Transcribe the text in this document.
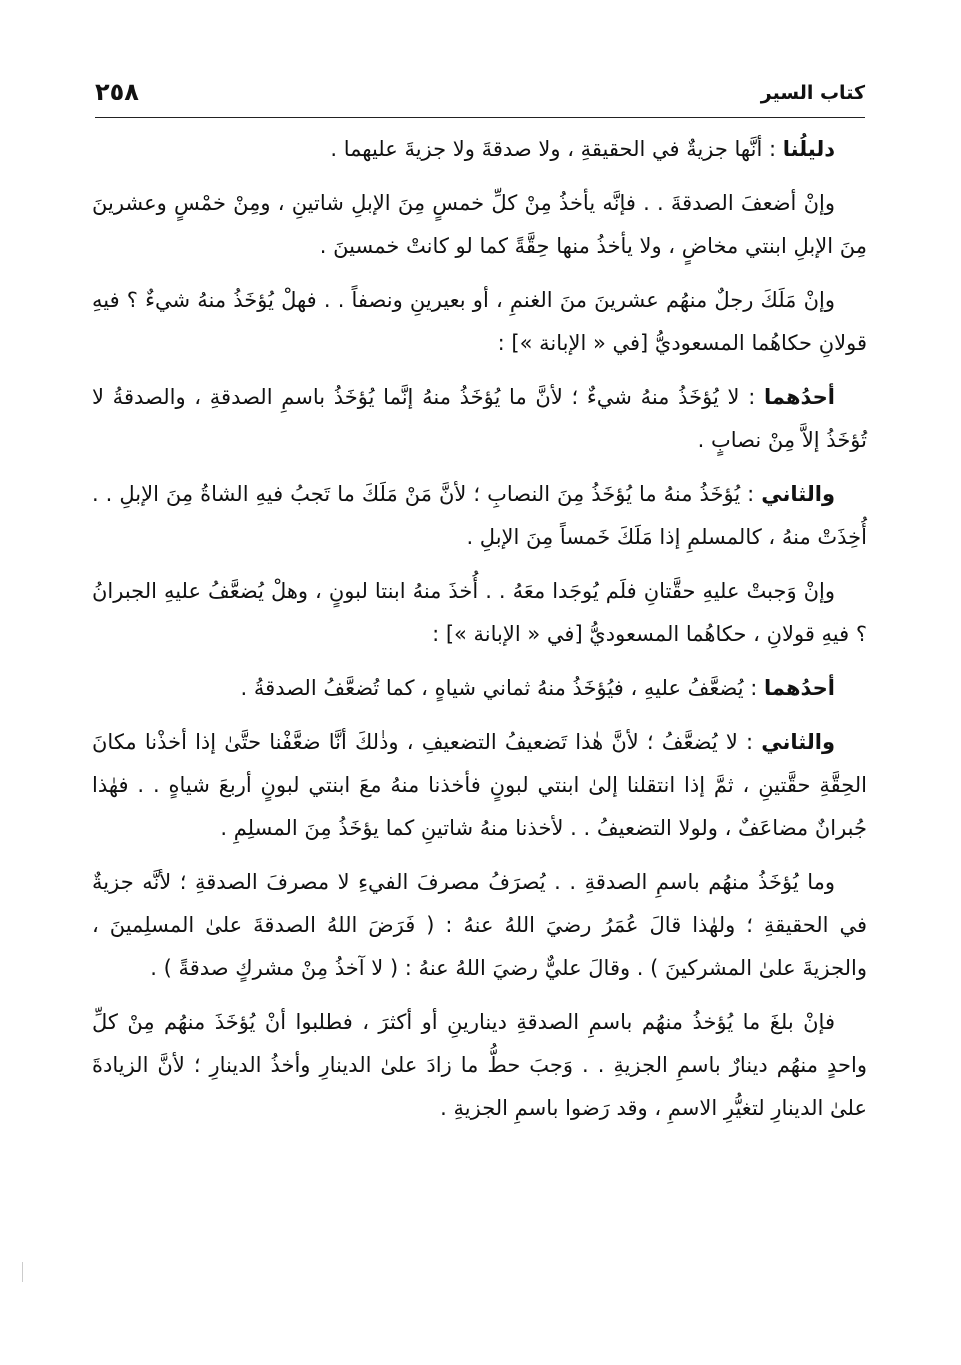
٢٥٨	كتاب السير

دليلُنا : أنَّها جزيةٌ في الحقيقةِ ، ولا صدقةَ ولا جزيةَ عليهما .

وإنْ أضعفَ الصدقةَ . . فإنَّه يأخذُ مِنْ كلِّ خمسٍ مِنَ الإبلِ شاتينِ ، ومِنْ خمْسٍ وعشرينَ مِنَ الإبلِ ابنتي مخاضٍ ، ولا يأخذُ منها حِقَّةً كما لو كانتْ خمسينَ .

وإنْ مَلَكَ رجلٌ منهُم عشرينَ منَ الغنمِ ، أو بعيرينِ ونصفاً . . فهلْ يُؤخَذُ منهُ شيءٌ ؟ فيهِ قولانِ حكاهُما المسعوديُّ [في « الإبانة »] :

أحدُهما : لا يُؤخَذُ منهُ شيءٌ ؛ لأنَّ ما يُؤخَذُ منهُ إنَّما يُؤخَذُ باسمِ الصدقةِ ، والصدقةُ لا تُؤخَذُ إلاَّ مِنْ نصابٍ .

والثاني : يُؤخَذُ منهُ ما يُؤخَذُ مِنَ النصابِ ؛ لأنَّ مَنْ مَلَكَ ما تَجبُ فيهِ الشاةُ مِنَ الإبلِ . . أُخِذَتْ منهُ ، كالمسلمِ إذا مَلَكَ خَمساً مِنَ الإبلِ .

وإنْ وَجبتْ عليهِ حقَّتانِ فلَم يُوجَدا معَهُ . . أُخذَ منهُ ابنتا لبونٍ ، وهلْ يُضعَّفُ عليهِ الجبرانُ ؟ فيهِ قولانِ ، حكاهُما المسعوديُّ [في « الإبانة »] :

أحدُهما : يُضعَّفُ عليهِ ، فيُؤخَذُ منهُ ثماني شياهٍ ، كما تُضعَّفُ الصدقةُ .

والثاني : لا يُضعَّفُ ؛ لأنَّ هٰذا تَضعيفُ التضعيفِ ، وذٰلكَ أنَّا ضعَّفْنا حتَّىٰ إذا أخذْنا مكانَ الحِقَّةِ حقَّتينِ ، ثمَّ إذا انتقلنا إلىٰ ابنتي لبونٍ فأخذنا منهُ معَ ابنتي لبونٍ أربعَ شياهٍ . . فهٰذا جُبرانٌ مضاعَفٌ ، ولولا التضعيفُ . . لأخذنا منهُ شاتينِ كما يؤخَذُ مِنَ المسلِمِ .

وما يُؤخَذُ منهُم باسمِ الصدقةِ . . يُصرَفُ مصرفَ الفيءِ لا مصرفَ الصدقةِ ؛ لأنَّه جزيةٌ في الحقيقةِ ؛ ولهٰذا قالَ عُمَرُ رضيَ اللهُ عنهُ : ( فَرَضَ اللهُ الصدقةَ علىٰ المسلِمينَ ، والجزيةَ علىٰ المشركينَ ) . وقالَ عليٌّ رضيَ اللهُ عنهُ : ( لا آخذُ مِنْ مشركٍ صدقةً ) .

فإنْ بلغَ ما يُؤخذُ منهُم باسمِ الصدقةِ دينارينِ أو أكثرَ ، فطلبوا أنْ يُؤخَذَ منهُم مِنْ كلِّ واحدٍ منهُم دينارٌ باسمِ الجزيةِ . . وَجبَ حطُّ ما زادَ علىٰ الدينارِ وأخذُ الدينارِ ؛ لأنَّ الزيادةَ علىٰ الدينارِ لتغيُّرِ الاسمِ ، وقد رَضوا باسمِ الجزيةِ .
